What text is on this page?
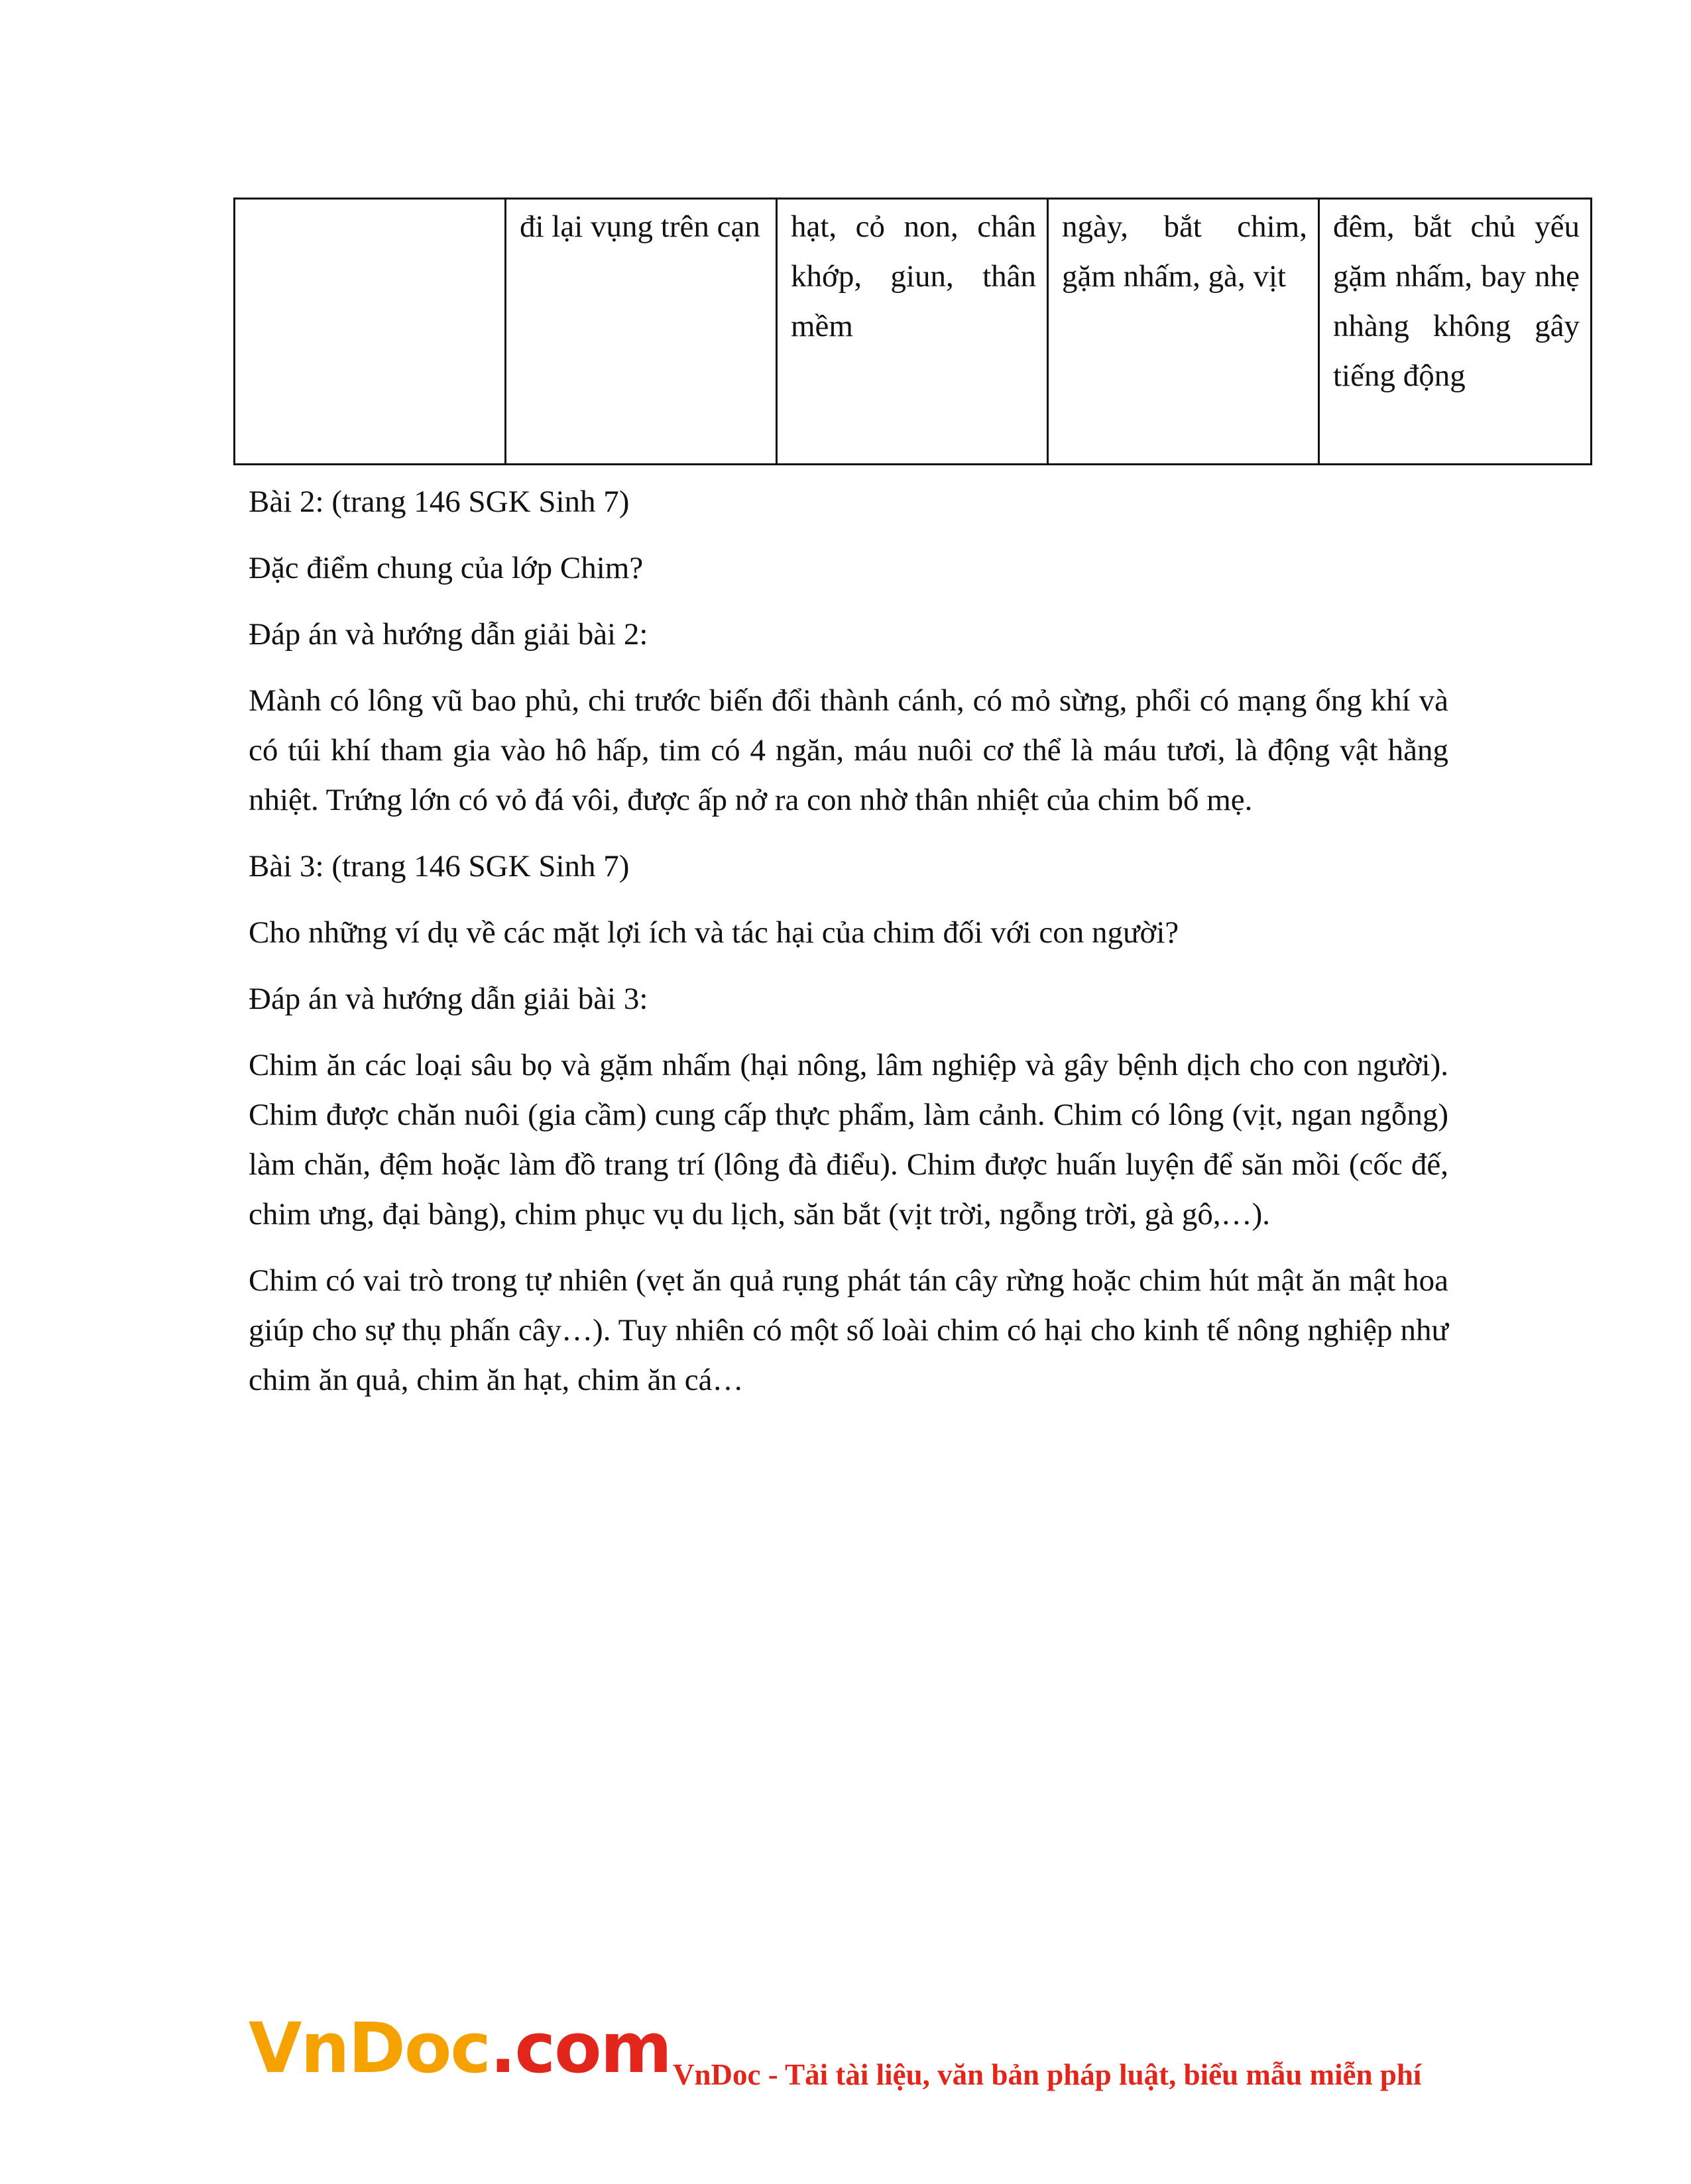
	đi lại vụng trên cạn	hạt, cỏ non, chân khớp, giun, thân mềm	ngày, bắt chim, gặm nhấm, gà, vịt	đêm, bắt chủ yếu gặm nhấm, bay nhẹ nhàng không gây tiếng động

Bài 2: (trang 146 SGK Sinh 7)

Đặc điểm chung của lớp Chim?

Đáp án và hướng dẫn giải bài 2:

Mành có lông vũ bao phủ, chi trước biến đổi thành cánh, có mỏ sừng, phổi có mạng ống khí và có túi khí tham gia vào hô hấp, tim có 4 ngăn, máu nuôi cơ thể là máu tươi, là động vật hằng nhiệt. Trứng lớn có vỏ đá vôi, được ấp nở ra con nhờ thân nhiệt của chim bố mẹ.

Bài 3: (trang 146 SGK Sinh 7)

Cho những ví dụ về các mặt lợi ích và tác hại của chim đối với con người?

Đáp án và hướng dẫn giải bài 3:

Chim ăn các loại sâu bọ và gặm nhấm (hại nông, lâm nghiệp và gây bệnh dịch cho con người). Chim được chăn nuôi (gia cầm) cung cấp thực phẩm, làm cảnh. Chim có lông (vịt, ngan ngỗng) làm chăn, đệm hoặc làm đồ trang trí (lông đà điểu). Chim được huấn luyện để săn mồi (cốc đế, chim ưng, đại bàng), chim phục vụ du lịch, săn bắt (vịt trời, ngỗng trời, gà gô,…).

Chim có vai trò trong tự nhiên (vẹt ăn quả rụng phát tán cây rừng hoặc chim hút mật ăn mật hoa giúp cho sự thụ phấn cây…). Tuy nhiên có một số loài chim có hại cho kinh tế nông nghiệp như chim ăn quả, chim ăn hạt, chim ăn cá…

VnDoc.com VnDoc - Tải tài liệu, văn bản pháp luật, biểu mẫu miễn phí
